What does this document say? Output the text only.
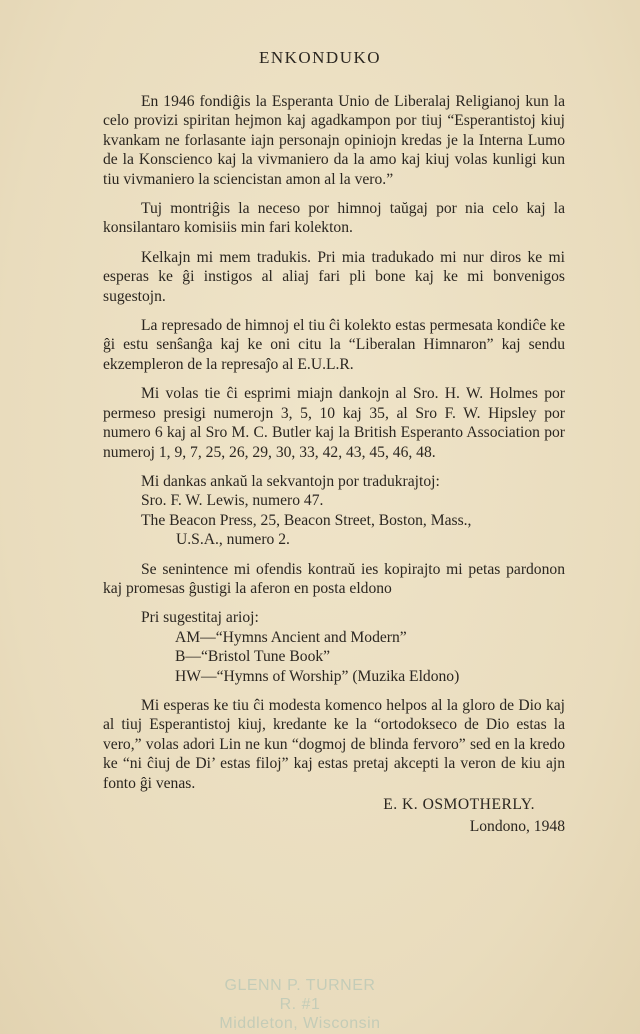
ENKONDUKO

En 1946 fondiĝis la Esperanta Unio de Liberalaj Religianoj kun la celo provizi spiritan hejmon kaj agadkampon por tiuj “Esperantistoj kiuj kvankam ne forlasante iajn personajn opiniojn kredas je la Interna Lumo de la Konscienco kaj la vivmaniero da la amo kaj kiuj volas kunligi kun tiu vivmaniero la sciencistan amon al la vero.”

Tuj montriĝis la neceso por himnoj taŭgaj por nia celo kaj la konsilantaro komisiis min fari kolekton.

Kelkajn mi mem tradukis. Pri mia tradukado mi nur diros ke mi esperas ke ĝi instigos al aliaj fari pli bone kaj ke mi bonvenigos sugestojn.

La represado de himnoj el tiu ĉi kolekto estas permesata kondiĉe ke ĝi estu senŝanĝa kaj ke oni citu la “Liberalan Himnaron” kaj sendu ekzempleron de la represaĵo al E.U.L.R.

Mi volas tie ĉi esprimi miajn dankojn al Sro. H. W. Holmes por permeso presigi numerojn 3, 5, 10 kaj 35, al Sro F. W. Hipsley por numero 6 kaj al Sro M. C. Butler kaj la British Esperanto Association por numeroj 1, 9, 7, 25, 26, 29, 30, 33, 42, 43, 45, 46, 48.

Mi dankas ankaŭ la sekvantojn por tradukrajtoj:

Sro. F. W. Lewis, numero 47.

The Beacon Press, 25, Beacon Street, Boston, Mass.,

U.S.A., numero 2.

Se senintence mi ofendis kontraŭ ies kopirajto mi petas pardonon kaj promesas ĝustigi la aferon en posta eldono

Pri sugestitaj arioj:

AM—“Hymns Ancient and Modern”

B—“Bristol Tune Book”

HW—“Hymns of Worship” (Muzika Eldono)

Mi esperas ke tiu ĉi modesta komenco helpos al la gloro de Dio kaj al tiuj Esperantistoj kiuj, kredante ke la “ortodokseco de Dio estas la vero,” volas adori Lin ne kun “dogmoj de blinda fervoro” sed en la kredo ke “ni ĉiuj de Di’ estas filoj” kaj estas pretaj akcepti la veron de kiu ajn fonto ĝi venas.

E. K. OSMOTHERLY.

Londono, 1948

GLENN P. TURNER
R. #1
Middleton, Wisconsin
